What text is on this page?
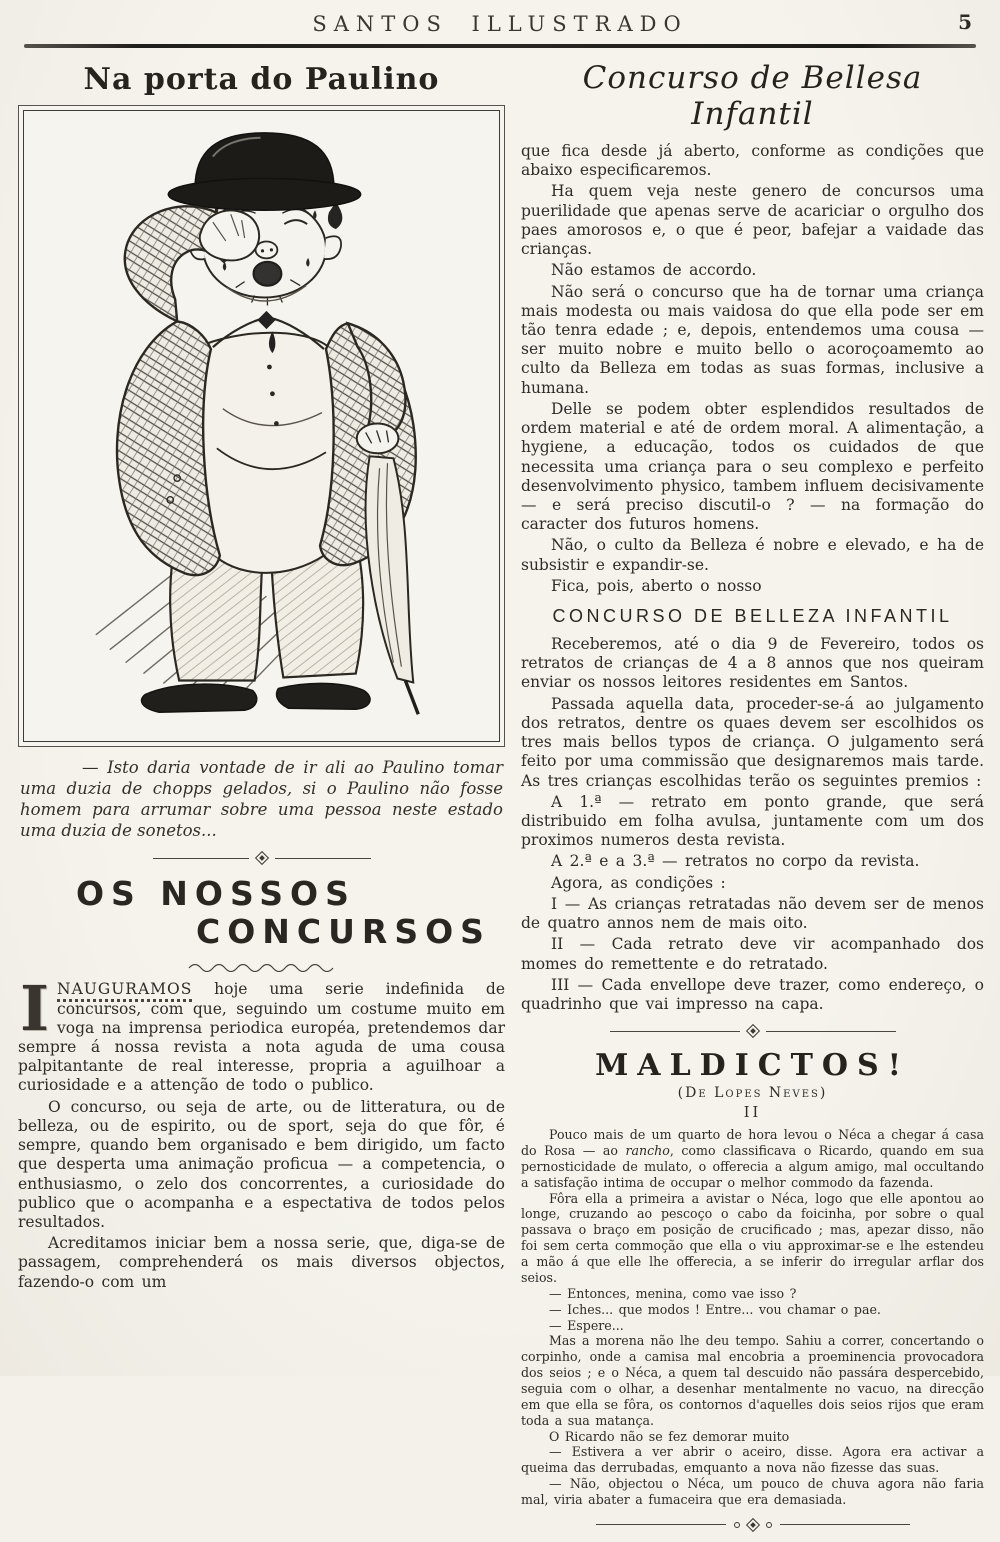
SANTOS ILLUSTRADO	5
Na porta do Paulino

— Isto daria vontade de ir ali ao Paulino tomar uma duzia de chopps gelados, si o Paulino não fosse homem para arrumar sobre uma pessoa neste estado uma duzia de sonetos...

OS NOSSOS
CONCURSOS

INAUGURAMOS hoje uma serie indefinida de concursos, com que, seguindo um costume muito em voga na imprensa periodica européa, pretendemos dar sempre á nossa revista a nota aguda de uma cousa palpitantante de real interesse, propria a aguilhoar a curiosidade e a attenção de todo o publico.

O concurso, ou seja de arte, ou de litteratura, ou de belleza, ou de espirito, ou de sport, seja do que fôr, é sempre, quando bem organisado e bem dirigido, um facto que desperta uma animação proficua — a competencia, o enthusiasmo, o zelo dos concorrentes, a curiosidade do publico que o acompanha e a espectativa de todos pelos resultados.

Acreditamos iniciar bem a nossa serie, que, diga-se de passagem, comprehenderá os mais diversos objectos, fazendo-o com um

Concurso de Bellesa Infantil

que fica desde já aberto, conforme as condições que abaixo especificaremos.

Ha quem veja neste genero de concursos uma puerilidade que apenas serve de acariciar o orgulho dos paes amorosos e, o que é peor, bafejar a vaidade das crianças.

Não estamos de accordo.

Não será o concurso que ha de tornar uma criança mais modesta ou mais vaidosa do que ella pode ser em tão tenra edade ; e, depois, entendemos uma cousa — ser muito nobre e muito bello o acoroçoamemto ao culto da Belleza em todas as suas formas, inclusive a humana.

Delle se podem obter esplendidos resultados de ordem material e até de ordem moral. A alimentação, a hygiene, a educação, todos os cuidados de que necessita uma criança para o seu complexo e perfeito desenvolvimento physico, tambem influem decisivamente — e será preciso discutil-o ? — na formação do caracter dos futuros homens.

Não, o culto da Belleza é nobre e elevado, e ha de subsistir e expandir-se.

Fica, pois, aberto o nosso

CONCURSO DE BELLEZA INFANTIL

Receberemos, até o dia 9 de Fevereiro, todos os retratos de crianças de 4 a 8 annos que nos queiram enviar os nossos leitores residentes em Santos.

Passada aquella data, proceder-se-á ao julgamento dos retratos, dentre os quaes devem ser escolhidos os tres mais bellos typos de criança. O julgamento será feito por uma commissão que designaremos mais tarde. As tres crianças escolhidas terão os seguintes premios :

A 1.ª — retrato em ponto grande, que será distribuido em folha avulsa, juntamente com um dos proximos numeros desta revista.

A 2.ª e a 3.ª — retratos no corpo da revista.

Agora, as condições :

I — As crianças retratadas não devem ser de menos de quatro annos nem de mais oito.

II — Cada retrato deve vir acompanhado dos momes do remettente e do retratado.

III — Cada envellope deve trazer, como endereço, o quadrinho que vai impresso na capa.

MALDICTOS!
(De Lopes Neves)
II

Pouco mais de um quarto de hora levou o Néca a chegar á casa do Rosa — ao rancho, como classificava o Ricardo, quando em sua pernosticidade de mulato, o offerecia a algum amigo, mal occultando a satisfação intima de occupar o melhor commodo da fazenda.

Fôra ella a primeira a avistar o Néca, logo que elle apontou ao longe, cruzando ao pescoço o cabo da foicinha, por sobre o qual passava o braço em posição de crucificado ; mas, apezar disso, não foi sem certa commoção que ella o viu approximar-se e lhe estendeu a mão á que elle lhe offerecia, a se inferir do irregular arflar dos seios.

— Entonces, menina, como vae isso ?

— Iches... que modos ! Entre... vou chamar o pae.

— Espere...

Mas a morena não lhe deu tempo. Sahiu a correr, concertando o corpinho, onde a camisa mal encobria a proeminencia provocadora dos seios ; e o Néca, a quem tal descuido não passára despercebido, seguia com o olhar, a desenhar mentalmente no vacuo, na direcção em que ella se fôra, os contornos d'aquelles dois seios rijos que eram toda a sua matança.

O Ricardo não se fez demorar muito

— Estivera a ver abrir o aceiro, disse. Agora era activar a queima das derrubadas, emquanto a nova não fizesse das suas.

— Não, objectou o Néca, um pouco de chuva agora não faria mal, viria abater a fumaceira que era demasiada.
